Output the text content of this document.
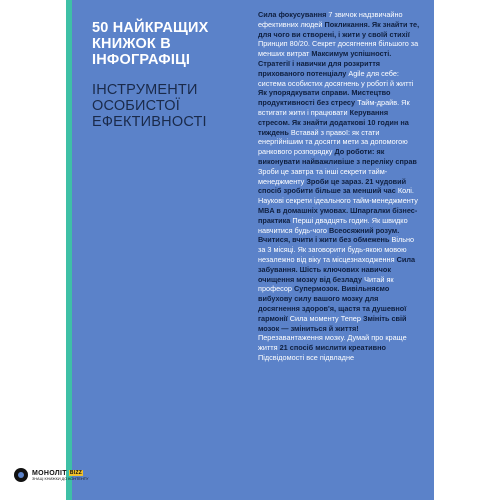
50 НАЙКРАЩИХ КНИЖОК В ІНФОГРАФІЦІ
ІНСТРУМЕНТИ ОСОБИСТОЇ ЕФЕКТИВНОСТІ
Сила фокусування 7 звичок надзвичайно ефективних людей Покликання. Як знайти те, для чого ви створені, і жити у своїй стихії Принцип 80/20. Секрет досягнення більшого за менших витрат Максимум успішності. Стратегії і навички для розкриття прихованого потенціалу Agile для себе: система особистих досягнень у роботі й житті Як упорядкувати справи. Мистецтво продуктивності без стресу Тайм-драйв. Як встигати жити і працювати Керування стресом. Як знайти додаткові 10 годин на тиждень Вставай з правої: як стати енергійнішим та досягти мети за допомогою ранкового розпорядку До роботи: як виконувати найважливіше з переліку справ Зроби це завтра та інші секрети тайм-менеджменту Зроби це зараз. 21 чудовий спосіб зробити більше за менший час Колі. Наукові секрети ідеального тайм-менеджменту MBA в домашніх умовах. Шпаргалки бізнес-практика Перші двадцять годин. Як швидко навчитися будь-чого Всеосяжний розум. Вчитися, вчити і жити без обмежень Вільно за 3 місяці. Як заговорити будь-якою мовою незалежно від віку та місцезнаходження Сила забування. Шість ключових навичок очищення мозку від безладу Читай як професор Супермозок. Вивільняємо вибухову силу вашого мозку для досягнення здоров'я, щастя та душевної гармонії Сила моменту Тепер Змініть свій мозок — зміниться й життя! Перезавантаження мозку. Думай про краще життя 21 спосіб мислити креативно Підсвідомості все підвладне
МОНОЛІТ BIZZ
ЗНАЦІ КНИЖКИ ДО КОНТЕНТУ
